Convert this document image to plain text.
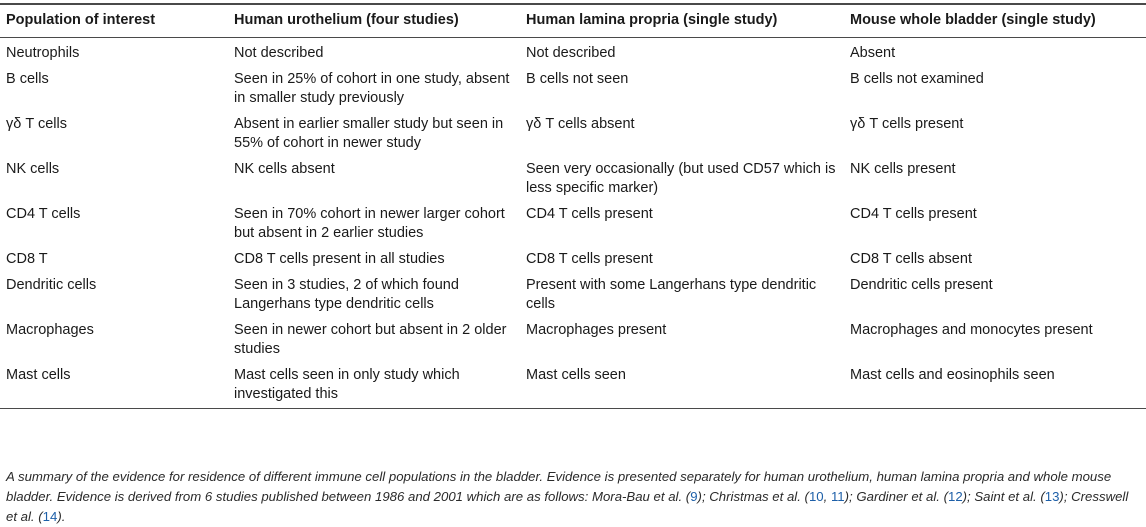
Population of interest	Human urothelium (four studies)	Human lamina propria (single study)	Mouse whole bladder (single study)
Neutrophils	Not described	Not described	Absent
B cells	Seen in 25% of cohort in one study, absent in smaller study previously	B cells not seen	B cells not examined
γδ T cells	Absent in earlier smaller study but seen in 55% of cohort in newer study	γδ T cells absent	γδ T cells present
NK cells	NK cells absent	Seen very occasionally (but used CD57 which is less specific marker)	NK cells present
CD4 T cells	Seen in 70% cohort in newer larger cohort but absent in 2 earlier studies	CD4 T cells present	CD4 T cells present
CD8 T	CD8 T cells present in all studies	CD8 T cells present	CD8 T cells absent
Dendritic cells	Seen in 3 studies, 2 of which found Langerhans type dendritic cells	Present with some Langerhans type dendritic cells	Dendritic cells present
Macrophages	Seen in newer cohort but absent in 2 older studies	Macrophages present	Macrophages and monocytes present
Mast cells	Mast cells seen in only study which investigated this	Mast cells seen	Mast cells and eosinophils seen

A summary of the evidence for residence of different immune cell populations in the bladder. Evidence is presented separately for human urothelium, human lamina propria and whole mouse bladder. Evidence is derived from 6 studies published between 1986 and 2001 which are as follows: Mora-Bau et al. (9); Christmas et al. (10, 11); Gardiner et al. (12); Saint et al. (13); Cresswell et al. (14).
